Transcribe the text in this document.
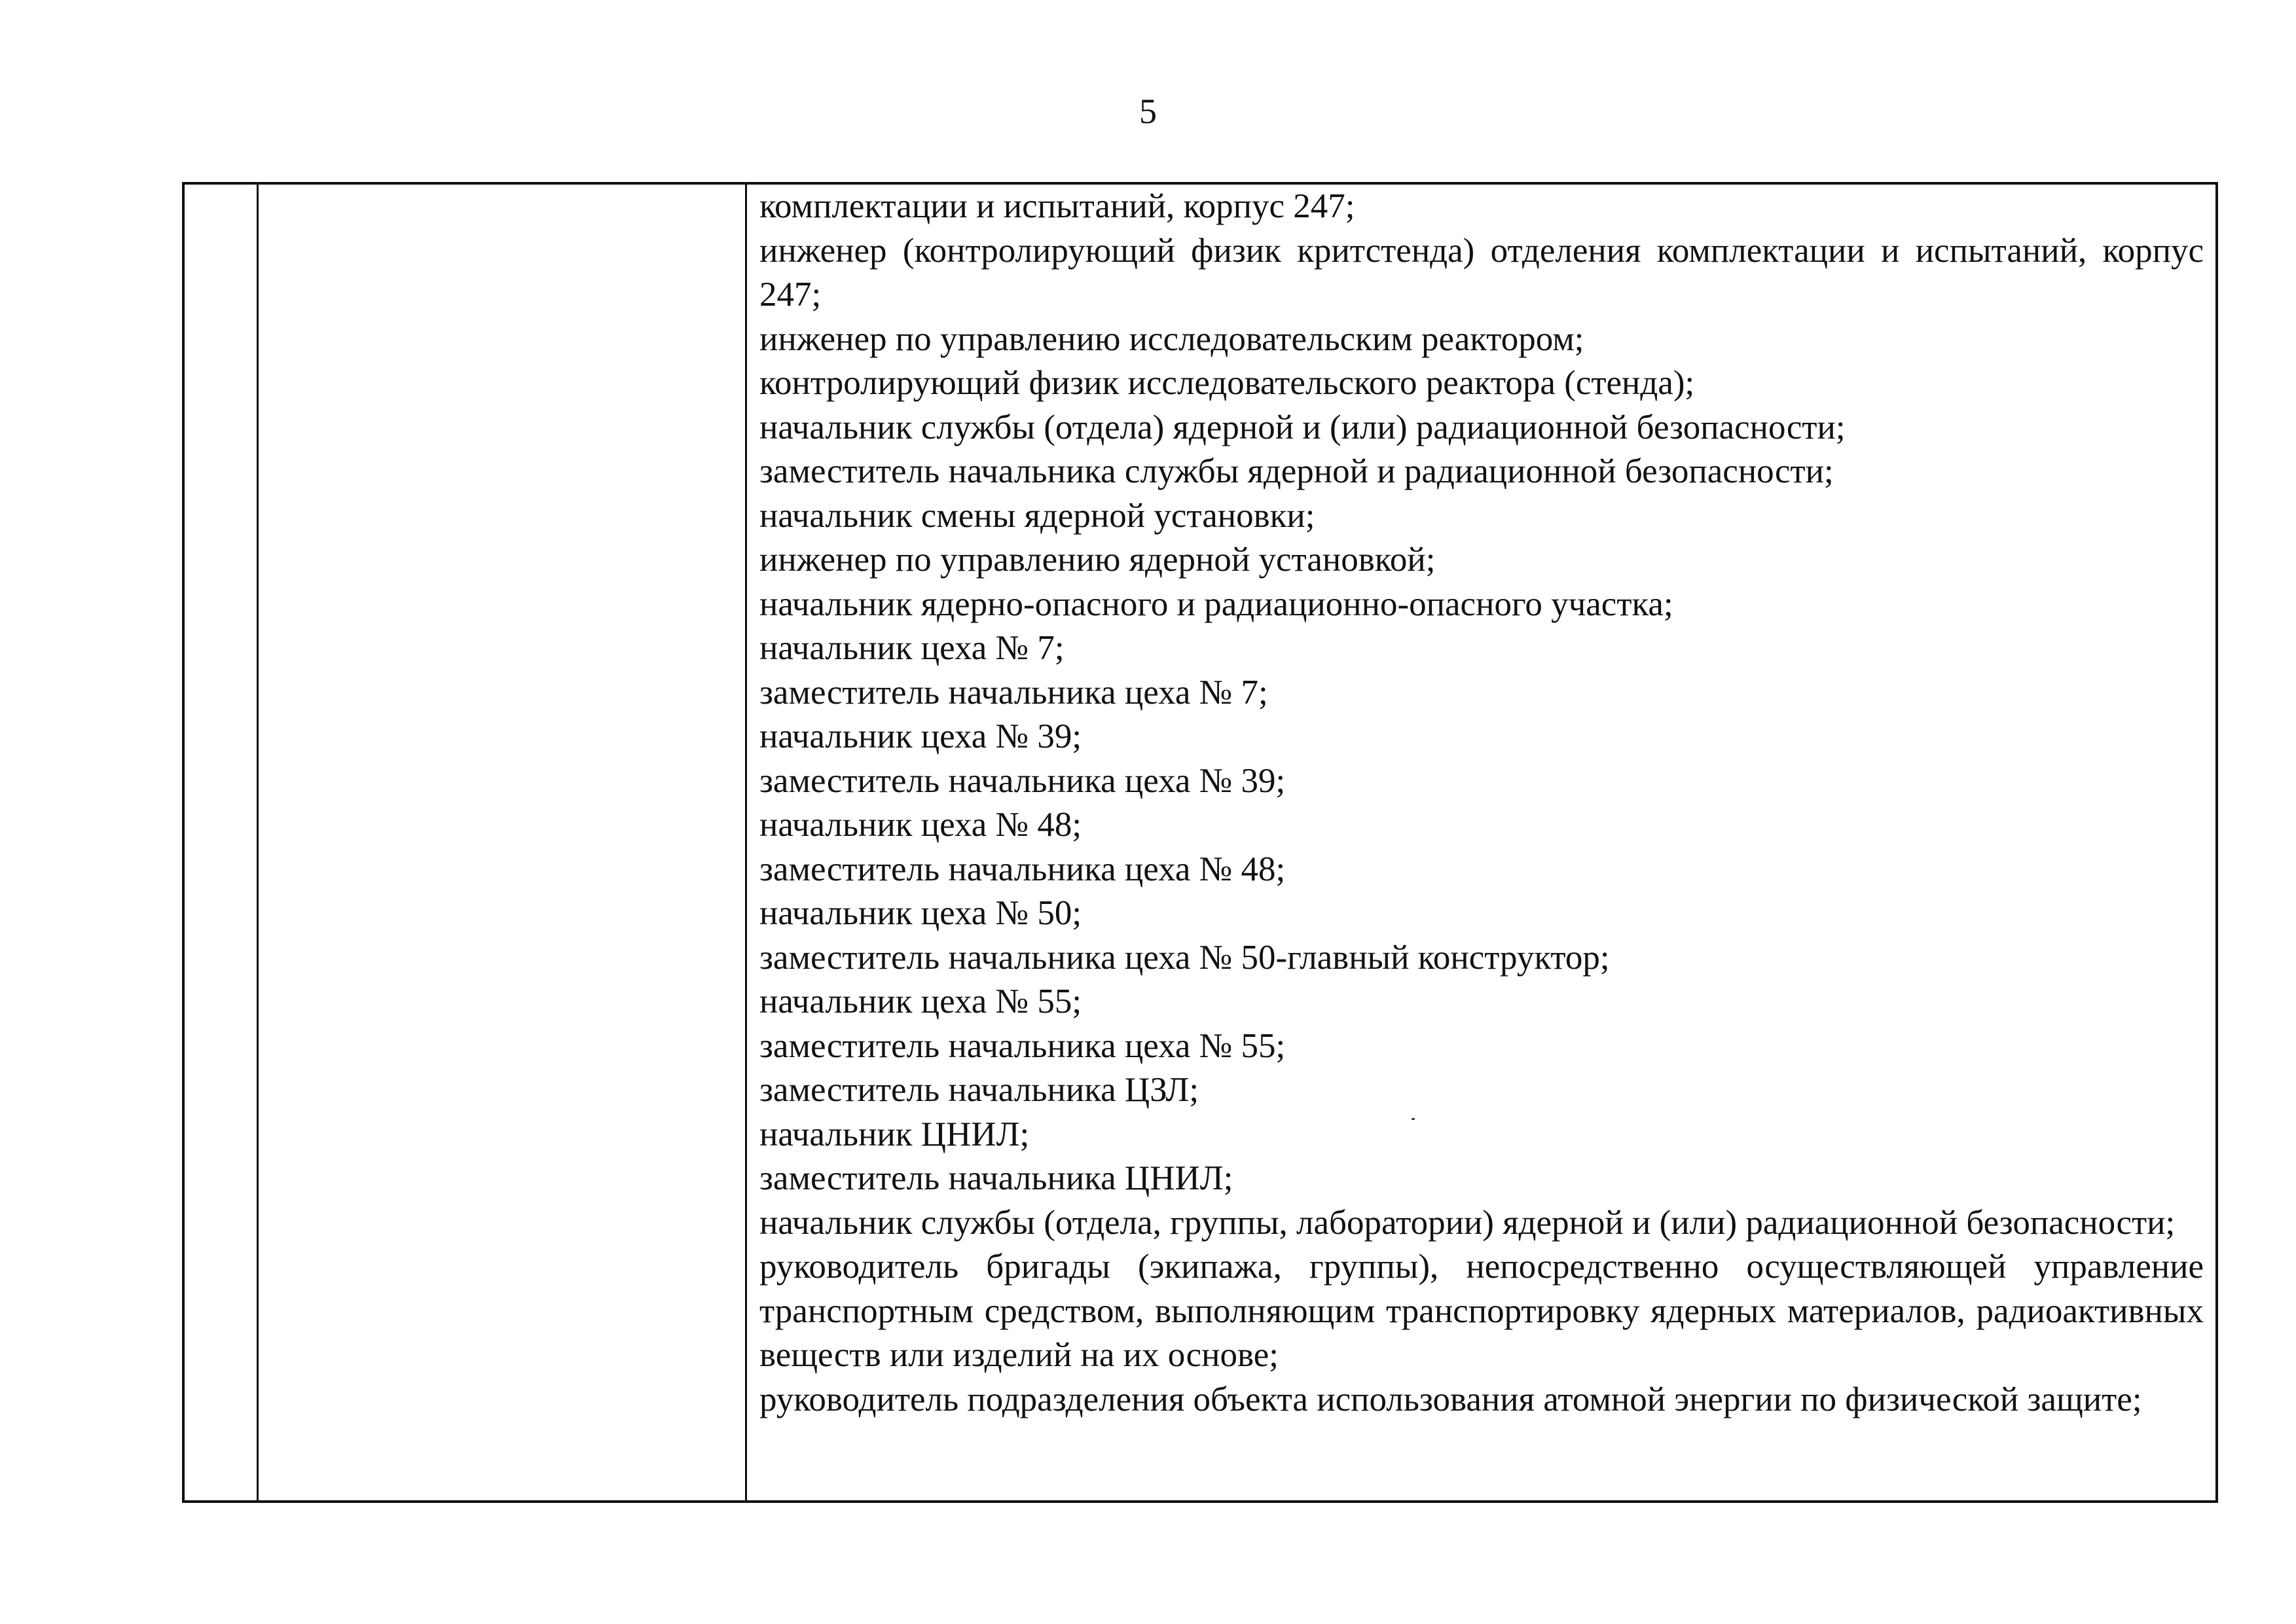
5

комплектации и испытаний, корпус 247;

инженер (контролирующий физик критстенда) отделения комплектации и испытаний, корпус 247;

инженер по управлению исследовательским реактором;

контролирующий физик исследовательского реактора (стенда);

начальник службы (отдела) ядерной и (или) радиационной безопасности;

заместитель начальника службы ядерной и радиационной безопасности;

начальник смены ядерной установки;

инженер по управлению ядерной установкой;

начальник ядерно-опасного и радиационно-опасного участка;

начальник цеха № 7;

заместитель начальника цеха № 7;

начальник цеха № 39;

заместитель начальника цеха № 39;

начальник цеха № 48;

заместитель начальника цеха № 48;

начальник цеха № 50;

заместитель начальника цеха № 50-главный конструктор;

начальник цеха № 55;

заместитель начальника цеха № 55;

заместитель начальника ЦЗЛ;

начальник ЦНИЛ;

заместитель начальника ЦНИЛ;

начальник службы (отдела, группы, лаборатории) ядерной и (или) радиационной безопасности;

руководитель бригады (экипажа, группы), непосредственно осуществляющей управление транспортным средством, выполняющим транспортировку ядерных материалов, радиоактивных веществ или изделий на их основе;

руководитель подразделения объекта использования атомной энергии по физической защите;
